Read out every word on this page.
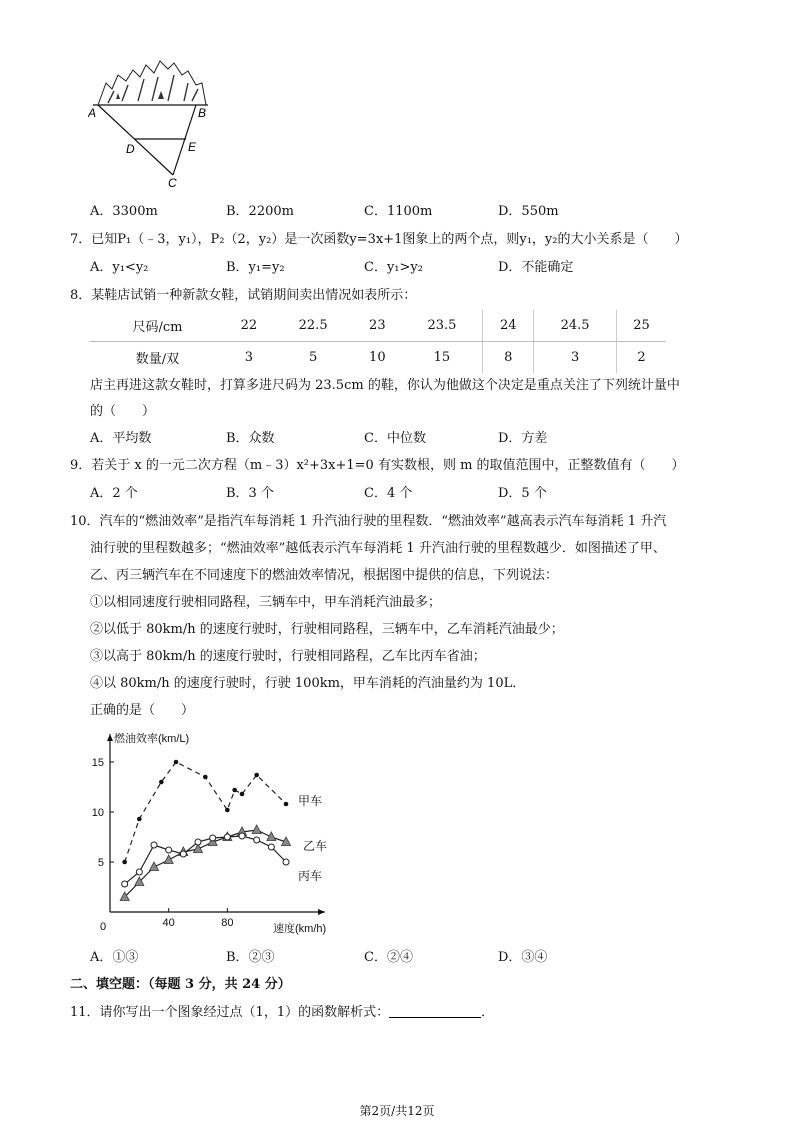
A	B
D	E
C
A．3300m	B．2200m	C．1100m	D．550m
7．已知P₁（﹣3，y₁），P₂（2，y₂）是一次函数y=3x+1图象上的两个点，则y₁，y₂的大小关系是（　　）
A．y₁<y₂	B．y₁=y₂	C．y₁>y₂	D．不能确定
8．某鞋店试销一种新款女鞋，试销期间卖出情况如表所示：
尺码/cm	22	22.5	23	23.5	24	24.5	25
数量/双	3	5	10	15	8	3	2
店主再进这款女鞋时，打算多进尺码为 23.5cm 的鞋，你认为他做这个决定是重点关注了下列统计量中
的（　　）
A．平均数	B．众数	C．中位数	D．方差
9．若关于 x 的一元二次方程（m﹣3）x²+3x+1=0 有实数根，则 m 的取值范围中，正整数值有（　　）
A．2 个	B．3 个	C．4 个	D．5 个
10．汽车的“燃油效率”是指汽车每消耗 1 升汽油行驶的里程数．“燃油效率”越高表示汽车每消耗 1 升汽
油行驶的里程数越多；“燃油效率”越低表示汽车每消耗 1 升汽油行驶的里程数越少．如图描述了甲、
乙、丙三辆汽车在不同速度下的燃油效率情况，根据图中提供的信息，下列说法：
①以相同速度行驶相同路程，三辆车中，甲车消耗汽油最多；
②以低于 80km/h 的速度行驶时，行驶相同路程，三辆车中，乙车消耗汽油最少；
③以高于 80km/h 的速度行驶时，行驶相同路程，乙车比丙车省油；
④以 80km/h 的速度行驶时，行驶 100km，甲车消耗的汽油量约为 10L．
正确的是（　　）
燃油效率(km/L)
速度(km/h)
0	40	80
5
10
15
甲车
乙车
丙车
A．①③	B．②③	C．②④	D．③④
二、填空题：（每题 3 分，共 24 分）
11．请你写出一个图象经过点（1，1）的函数解析式：	．
第2页/共12页
